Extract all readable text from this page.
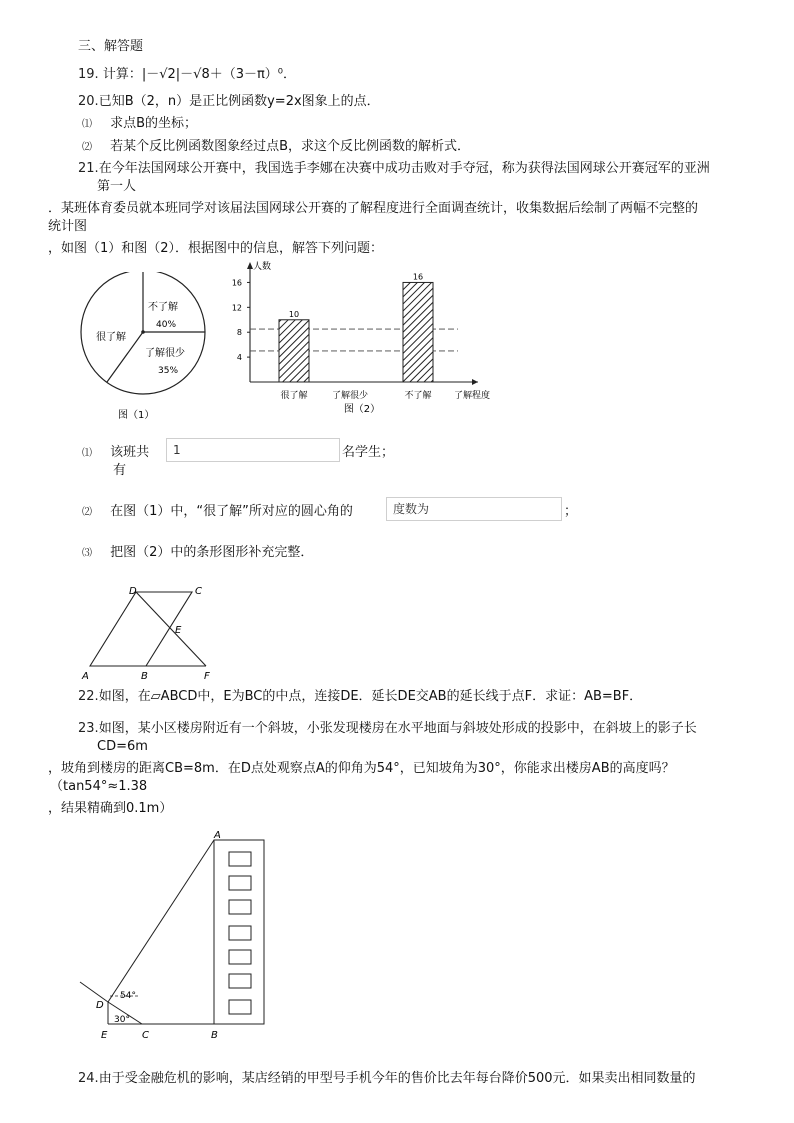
三、解答题
19. 计算：|－√2|－√8＋（3－π）⁰．
20.已知B（2，n）是正比例函数y=2x图象上的点．
⑴ 求点B的坐标；
⑵ 若某个反比例函数图象经过点B，求这个反比例函数的解析式．
21.在今年法国网球公开赛中，我国选手李娜在决赛中成功击败对手夺冠，称为获得法国网球公开赛冠军的亚洲
第一人
．某班体育委员就本班同学对该届法国网球公开赛的了解程度进行全面调查统计，收集数据后绘制了两幅不完整的
统计图
，如图（1）和图（2）．根据图中的信息，解答下列问题：
很了解
不了解
40%
了解很少
35%
图（1）
人数
了解程度
4
8
12
16
10
很了解	了解很少
16
不了解
图（2）
⑴ 该班共
有
1	名学生；
⑵ 在图（1）中，“很了解”所对应的圆心角的	度数为	；
⑶ 把图（2）中的条形图形补充完整．
A	B
C
D
E
F
22.如图，在▱ABCD中，E为BC的中点，连接DE．延长DE交AB的延长线于点F．求证：AB=BF．
23.如图，某小区楼房附近有一个斜坡，小张发现楼房在水平地面与斜坡处形成的投影中，在斜坡上的影子长
CD=6m
，坡角到楼房的距离CB=8m．在D点处观察点A的仰角为54°，已知坡角为30°，你能求出楼房AB的高度吗？
（tan54°≈1.38
，结果精确到0.1m）
A
B
C
D
E
54°
30°
24.由于受金融危机的影响，某店经销的甲型号手机今年的售价比去年每台降价500元．如果卖出相同数量的
